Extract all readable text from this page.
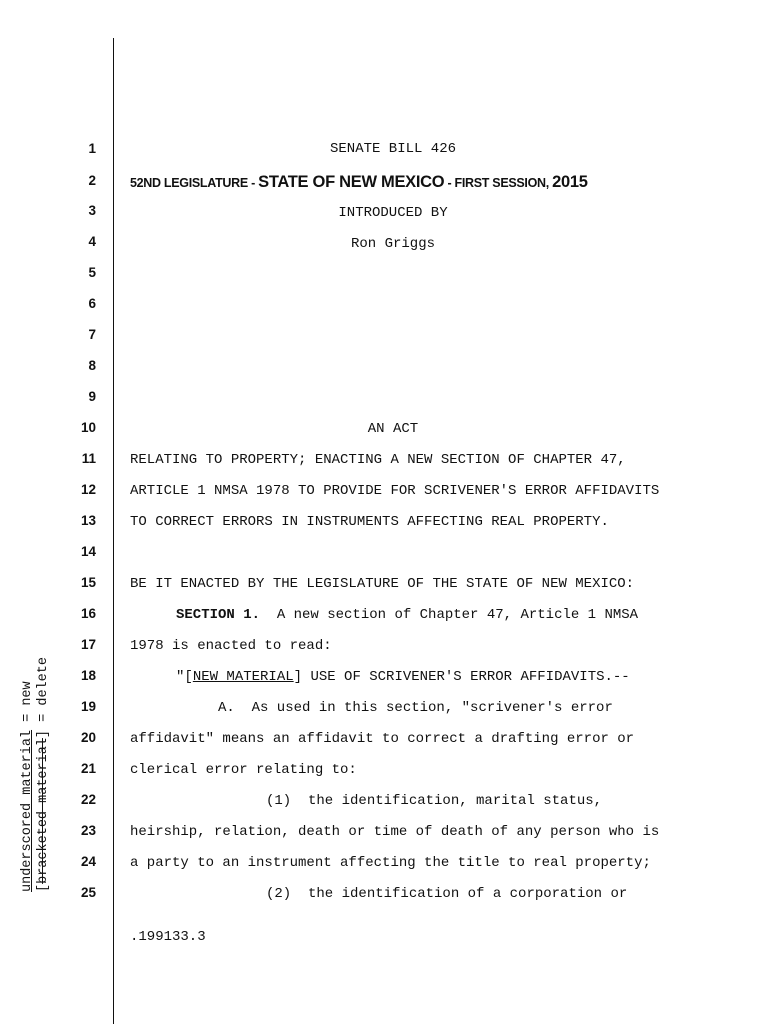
1
2
3
4
5
6
7
8
9
10
11
12
13
14
15
16
17
18
19
20
21
22
23
24
25
SENATE BILL 426
52ND LEGISLATURE - STATE OF NEW MEXICO - FIRST SESSION, 2015
INTRODUCED BY
Ron Griggs
AN ACT
RELATING TO PROPERTY; ENACTING A NEW SECTION OF CHAPTER 47,
ARTICLE 1 NMSA 1978 TO PROVIDE FOR SCRIVENER'S ERROR AFFIDAVITS
TO CORRECT ERRORS IN INSTRUMENTS AFFECTING REAL PROPERTY.
BE IT ENACTED BY THE LEGISLATURE OF THE STATE OF NEW MEXICO:
SECTION 1.  A new section of Chapter 47, Article 1 NMSA
1978 is enacted to read:
"[NEW MATERIAL] USE OF SCRIVENER'S ERROR AFFIDAVITS.--
A.  As used in this section, "scrivener's error
affidavit" means an affidavit to correct a drafting error or
clerical error relating to:
(1)  the identification, marital status,
heirship, relation, death or time of death of any person who is
a party to an instrument affecting the title to real property;
(2)  the identification of a corporation or
.199133.3
underscored material = new
[bracketed material] = delete
